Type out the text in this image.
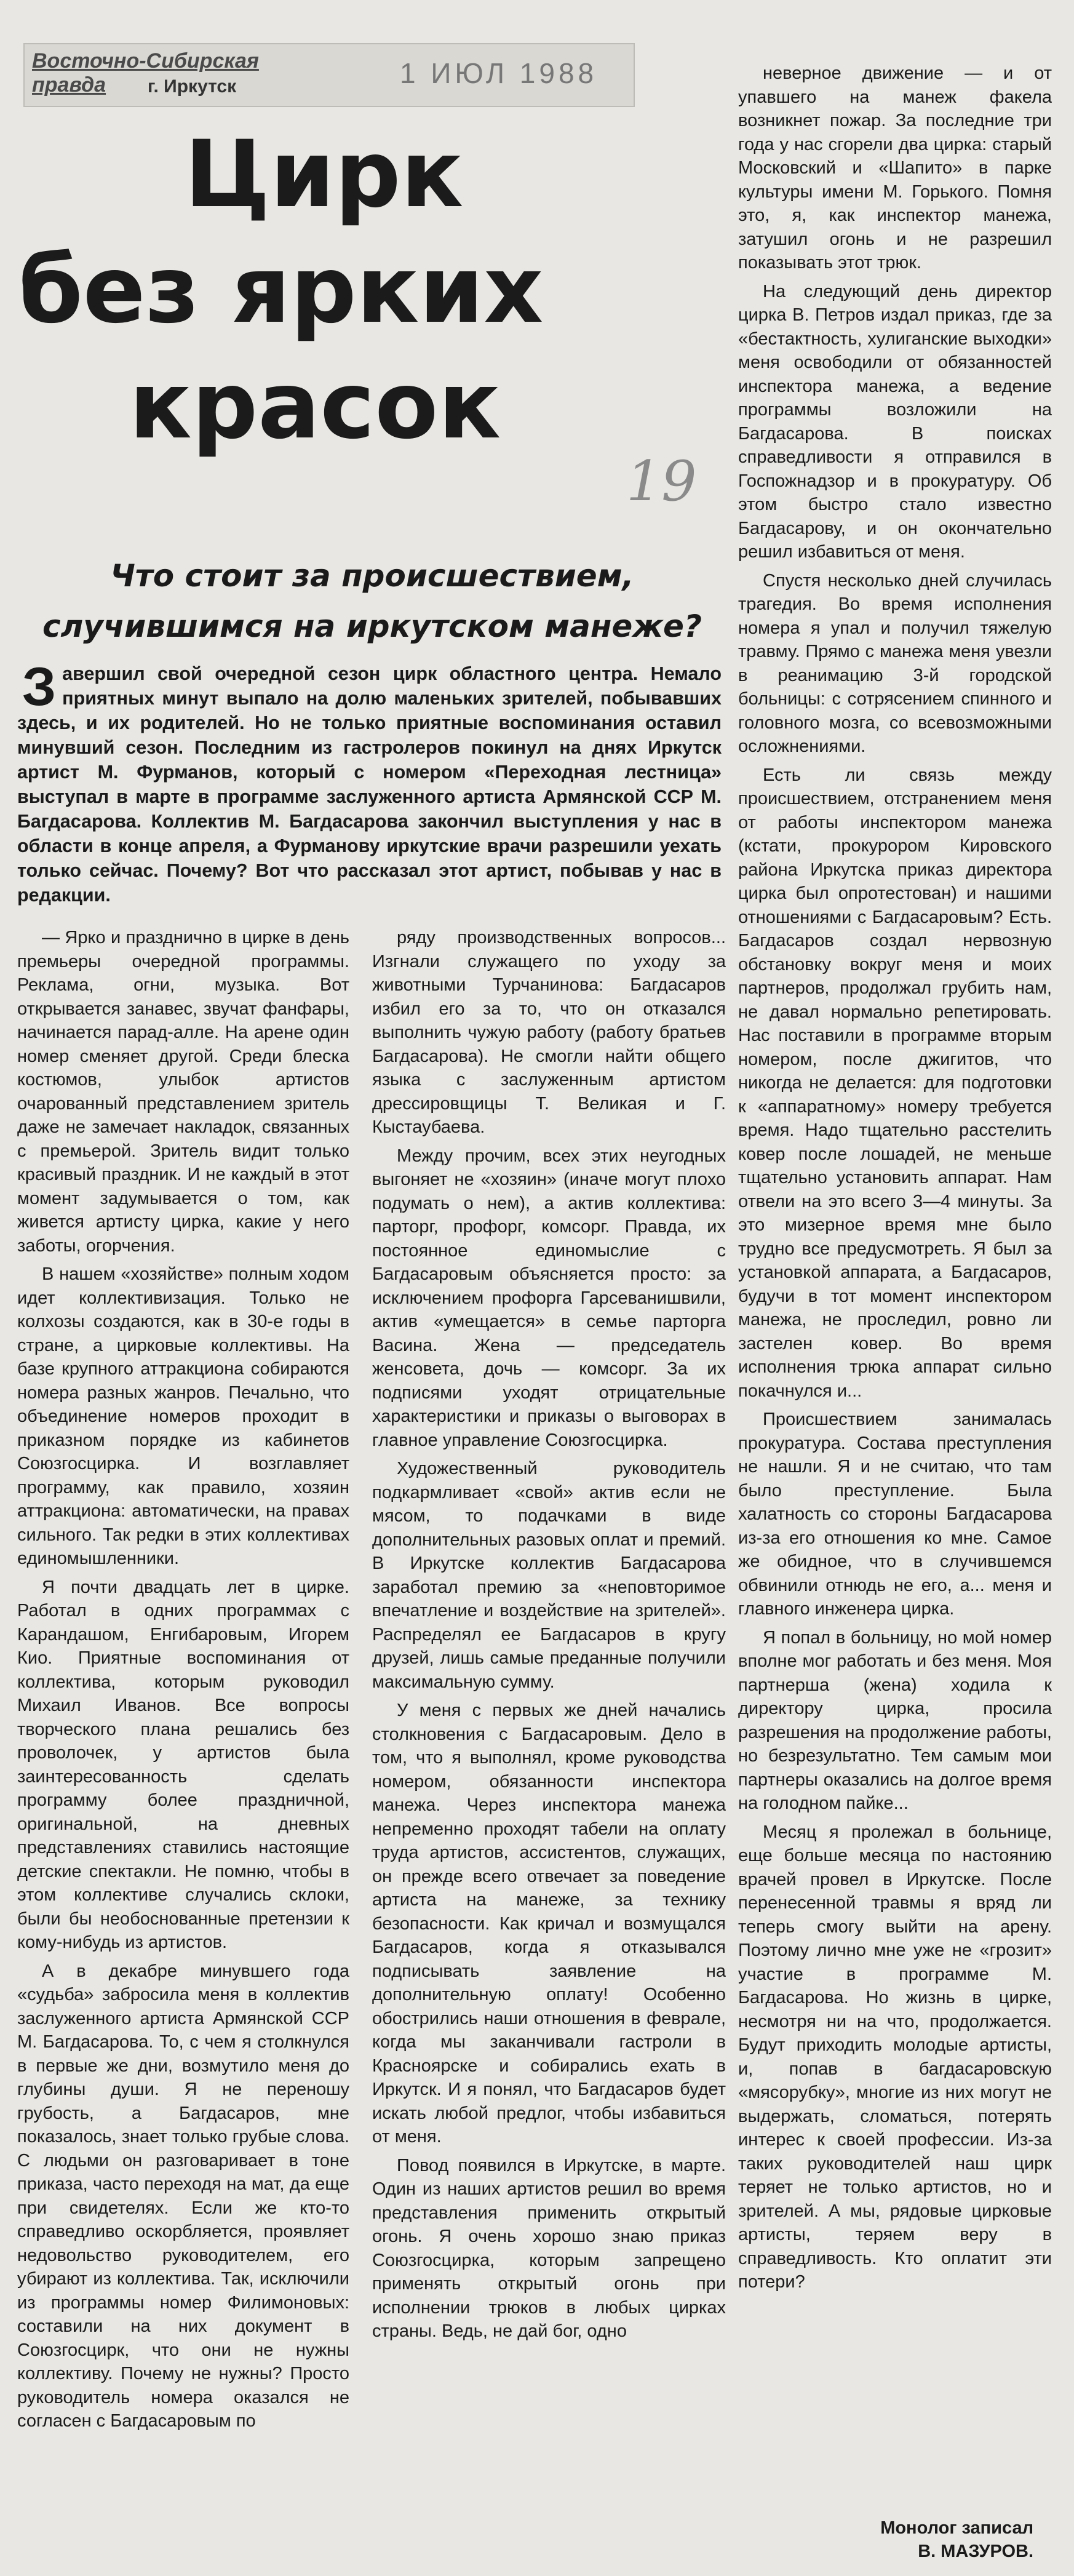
Восточно-Сибирская правда	г. Иркутск	1 ИЮЛ 1988
Цирк
без ярких
красок
19
Что стоит за происшествием, случившимся на иркутском манеже?
З авершил свой очередной сезон цирк областного центра. Немало приятных минут выпало на долю маленьких зрителей, побывавших здесь, и их родителей. Но не только приятные воспоминания оставил минувший сезон. Последним из гастролеров покинул на днях Иркутск артист М. Фурманов, который с номером «Переходная лестница» выступал в марте в программе заслуженного артиста Армянской ССР М. Багдасарова. Коллектив М. Багдасарова закончил выступления у нас в области в конце апреля, а Фурманову иркутские врачи разрешили уехать только сейчас. Почему? Вот что рассказал этот артист, побывав у нас в редакции.

— Ярко и празднично в цирке в день премьеры очередной программы. Реклама, огни, музыка. Вот открывается занавес, звучат фанфары, начинается парад-алле. На арене один номер сменяет другой. Среди блеска костюмов, улыбок артистов очарованный представлением зритель даже не замечает накладок, связанных с премьерой. Зритель видит только красивый праздник. И не каждый в этот момент задумывается о том, как живется артисту цирка, какие у него заботы, огорчения.

В нашем «хозяйстве» полным ходом идет коллективизация. Только не колхозы создаются, как в 30-е годы в стране, а цирковые коллективы. На базе крупного аттракциона собираются номера разных жанров. Печально, что объединение номеров проходит в приказном порядке из кабинетов Союзгосцирка. И возглавляет программу, как правило, хозяин аттракциона: автоматически, на правах сильного. Так редки в этих коллективах единомышленники.

Я почти двадцать лет в цирке. Работал в одних программах с Карандашом, Енгибаровым, Игорем Кио. Приятные воспоминания от коллектива, которым руководил Михаил Иванов. Все вопросы творческого плана решались без проволочек, у артистов была заинтересованность сделать программу более праздничной, оригинальной, на дневных представлениях ставились настоящие детские спектакли. Не помню, чтобы в этом коллективе случались склоки, были бы необоснованные претензии к кому-нибудь из артистов.

А в декабре минувшего года «судьба» забросила меня в коллектив заслуженного артиста Армянской ССР М. Багдасарова. То, с чем я столкнулся в первые же дни, возмутило меня до глубины души. Я не переношу грубость, а Багдасаров, мне показалось, знает только грубые слова. С людьми он разговаривает в тоне приказа, часто переходя на мат, да еще при свидетелях. Если же кто-то справедливо оскорбляется, проявляет недовольство руководителем, его убирают из коллектива. Так, исключили из программы номер Филимоновых: составили на них документ в Союзгосцирк, что они не нужны коллективу. Почему не нужны? Просто руководитель номера оказался не согласен с Багдасаровым по

ряду производственных вопросов... Изгнали служащего по уходу за животными Турчанинова: Багдасаров избил его за то, что он отказался выполнить чужую работу (работу братьев Багдасарова). Не смогли найти общего языка с заслуженным артистом дрессировщицы Т. Великая и Г. Кыстаубаева.

Между прочим, всех этих неугодных выгоняет не «хозяин» (иначе могут плохо подумать о нем), а актив коллектива: парторг, профорг, комсорг. Правда, их постоянное единомыслие с Багдасаровым объясняется просто: за исключением профорга Гарсеванишвили, актив «умещается» в семье парторга Васина. Жена — председатель женсовета, дочь — комсорг. За их подписями уходят отрицательные характеристики и приказы о выговорах в главное управление Союзгосцирка.

Художественный руководитель подкармливает «свой» актив если не мясом, то подачками в виде дополнительных разовых оплат и премий. В Иркутске коллектив Багдасарова заработал премию за «неповторимое впечатление и воздействие на зрителей». Распределял ее Багдасаров в кругу друзей, лишь самые преданные получили максимальную сумму.

У меня с первых же дней начались столкновения с Багдасаровым. Дело в том, что я выполнял, кроме руководства номером, обязанности инспектора манежа. Через инспектора манежа непременно проходят табели на оплату труда артистов, ассистентов, служащих, он прежде всего отвечает за поведение артиста на манеже, за технику безопасности. Как кричал и возмущался Багдасаров, когда я отказывался подписывать заявление на дополнительную оплату! Особенно обострились наши отношения в феврале, когда мы заканчивали гастроли в Красноярске и собирались ехать в Иркутск. И я понял, что Багдасаров будет искать любой предлог, чтобы избавиться от меня.

Повод появился в Иркутске, в марте. Один из наших артистов решил во время представления применить открытый огонь. Я очень хорошо знаю приказ Союзгосцирка, которым запрещено применять открытый огонь при исполнении трюков в любых цирках страны. Ведь, не дай бог, одно

неверное движение — и от упавшего на манеж факела возникнет пожар. За последние три года у нас сгорели два цирка: старый Московский и «Шапито» в парке культуры имени М. Горького. Помня это, я, как инспектор манежа, затушил огонь и не разрешил показывать этот трюк.

На следующий день директор цирка В. Петров издал приказ, где за «бестактность, хулиганские выходки» меня освободили от обязанностей инспектора манежа, а ведение программы возложили на Багдасарова. В поисках справедливости я отправился в Госпожнадзор и в прокуратуру. Об этом быстро стало известно Багдасарову, и он окончательно решил избавиться от меня.

Спустя несколько дней случилась трагедия. Во время исполнения номера я упал и получил тяжелую травму. Прямо с манежа меня увезли в реанимацию 3-й городской больницы: с сотрясением спинного и головного мозга, со всевозможными осложнениями.

Есть ли связь между происшествием, отстранением меня от работы инспектором манежа (кстати, прокурором Кировского района Иркутска приказ директора цирка был опротестован) и нашими отношениями с Багдасаровым? Есть. Багдасаров создал нервозную обстановку вокруг меня и моих партнеров, продолжал грубить нам, не давал нормально репетировать. Нас поставили в программе вторым номером, после джигитов, что никогда не делается: для подготовки к «аппаратному» номеру требуется время. Надо тщательно расстелить ковер после лошадей, не меньше тщательно установить аппарат. Нам отвели на это всего 3—4 минуты. За это мизерное время мне было трудно все предусмотреть. Я был за установкой аппарата, а Багдасаров, будучи в тот момент инспектором манежа, не проследил, ровно ли застелен ковер. Во время исполнения трюка аппарат сильно покачнулся и...

Происшествием занималась прокуратура. Состава преступления не нашли. Я и не считаю, что там было преступление. Была халатность со стороны Багдасарова из-за его отношения ко мне. Самое же обидное, что в случившемся обвинили отнюдь не его, а... меня и главного инженера цирка.

Я попал в больницу, но мой номер вполне мог работать и без меня. Моя партнерша (жена) ходила к директору цирка, просила разрешения на продолжение работы, но безрезультатно. Тем самым мои партнеры оказались на долгое время на голодном пайке...

Месяц я пролежал в больнице, еще больше месяца по настоянию врачей провел в Иркутске. После перенесенной травмы я вряд ли теперь смогу выйти на арену. Поэтому лично мне уже не «грозит» участие в программе М. Багдасарова. Но жизнь в цирке, несмотря ни на что, продолжается. Будут приходить молодые артисты, и, попав в багдасаровскую «мясорубку», многие из них могут не выдержать, сломаться, потерять интерес к своей профессии. Из-за таких руководителей наш цирк теряет не только артистов, но и зрителей. А мы, рядовые цирковые артисты, теряем веру в справедливость. Кто оплатит эти потери?

Монолог записал
В. МАЗУРОВ.
